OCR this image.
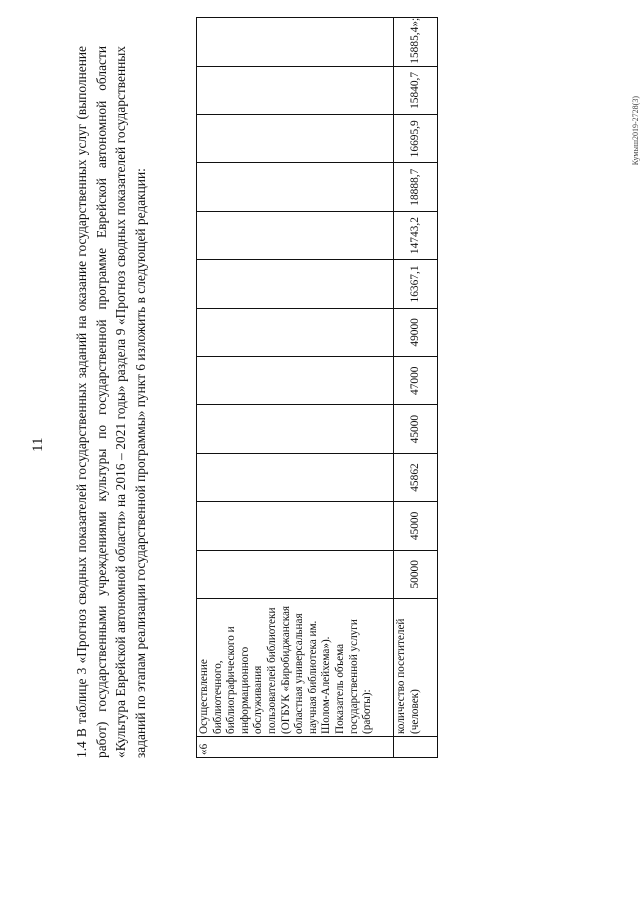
11 1.4 В таблице 3 «Прогноз сводных показателей государственных заданий на оказание государственных услуг (выполнение работ) государственными учреждениями культуры по государственной программе Еврейской автономной области «Культура Еврейской автономной области» на 2016 – 2021 годы» раздела 9 «Прогноз сводных показателей государственных заданий по этапам реализации государственной программы» пункт 6 изложить в следующей редакции:	«6	Осуществление библиотечного, библиографического и информационного обслуживания пользователей библиотеки (ОГБУК «Биробиджанская областная универсальная научная библиотека им. Шолом-Алейхема»). Показатель объема государственной услуги (работы):												
	количество посетителей (человек)	50000	45000	45862	45000	47000	49000	16367,1	14743,2	18888,7	16695,9	15840,7	15885,4»;
Кумыш2019-2728(3)
